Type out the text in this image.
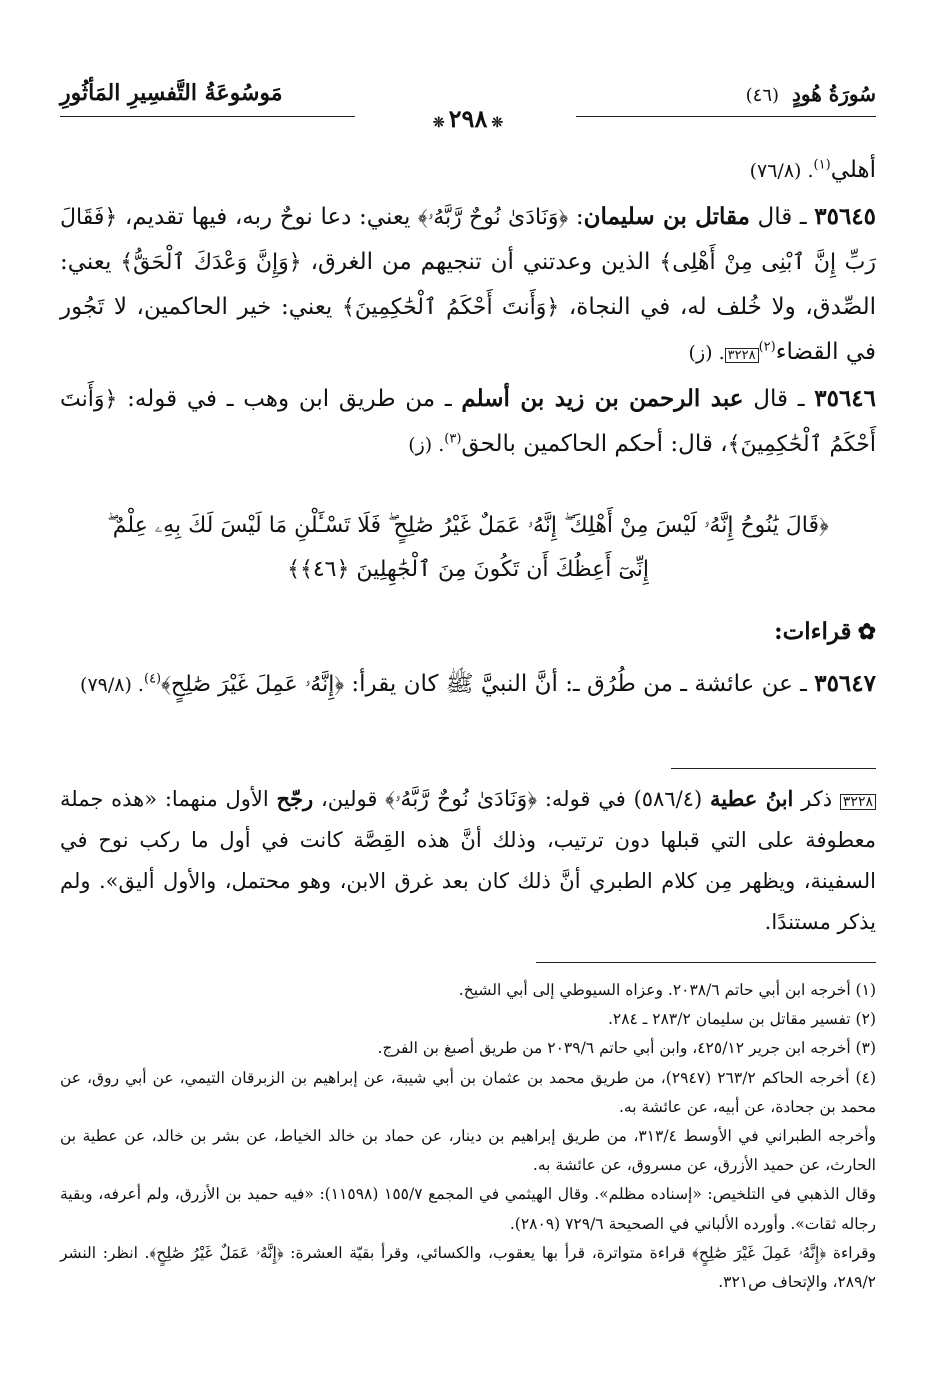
سُورَةُ هُودٍ (٤٦)
مَوسُوعَةُ التَّفسِيرِ المَأثُورِ
❊٢٩٨❊

أهلي$^{(١)}$. (٧٦/٨)

٣٥٦٤٥ ـ قال مقاتل بن سليمان: ﴿وَنَادَىٰ نُوحٌ رَّبَّهُۥ﴾ يعني: دعا نوحٌ ربه، فيها تقديم، ﴿فَقَالَ رَبِّ إِنَّ ٱبْنِى مِنْ أَهْلِى﴾ الذين وعدتني أن تنجيهم من الغرق، ﴿وَإِنَّ وَعْدَكَ ٱلْحَقُّ﴾ يعني: الصِّدق، ولا خُلف له، في النجاة، ﴿وَأَنتَ أَحْكَمُ ٱلْحَٰكِمِينَ﴾ يعني: خير الحاكمين، لا تَجُور في القضاء$^{(٢)}$٣٢٢٨. (ز)

٣٥٦٤٦ ـ قال عبد الرحمن بن زيد بن أسلم ـ من طريق ابن وهب ـ في قوله: ﴿وَأَنتَ أَحْكَمُ ٱلْحَٰكِمِينَ﴾، قال: أحكم الحاكمين بالحق$^{(٣)}$. (ز)

﴿قَالَ يَٰنُوحُ إِنَّهُۥ لَيْسَ مِنْ أَهْلِكَ ۖ إِنَّهُۥ عَمَلٌ غَيْرُ صَٰلِحٍ ۖ فَلَا تَسْـَٔلْنِ مَا لَيْسَ لَكَ بِهِۦ عِلْمٌ ۖ
إِنِّىٓ أَعِظُكَ أَن تَكُونَ مِنَ ٱلْجَٰهِلِينَ ﴿٤٦﴾﴾
✿قراءات:
٣٥٦٤٧ ـ عن عائشة ـ من طُرُق ـ: أنَّ النبيَّ ﷺ كان يقرأ: ﴿إِنَّهُۥ عَمِلَ غَيْرَ صَٰلِحٍ﴾$^{(٤)}$. (٧٩/٨)
٣٢٢٨ ذكر ابنُ عطية (٥٨٦/٤) في قوله: ﴿وَنَادَىٰ نُوحٌ رَّبَّهُۥ﴾ قولين، رجّح الأول منهما: «هذه جملة معطوفة على التي قبلها دون ترتيب، وذلك أنَّ هذه القِصَّة كانت في أول ما ركب نوح في السفينة، ويظهر مِن كلام الطبري أنَّ ذلك كان بعد غرق الابن، وهو محتمل، والأول أليق». ولم يذكر مستندًا.

(١) أخرجه ابن أبي حاتم ٢٠٣٨/٦. وعزاه السيوطي إلى أبي الشيخ.

(٢) تفسير مقاتل بن سليمان ٢٨٣/٢ ـ ٢٨٤.

(٣) أخرجه ابن جرير ٤٢٥/١٢، وابن أبي حاتم ٢٠٣٩/٦ من طريق أصبغ بن الفرج.

(٤) أخرجه الحاكم ٢٦٣/٢ (٢٩٤٧)، من طريق محمد بن عثمان بن أبي شيبة، عن إبراهيم بن الزبرقان التيمي، عن أبي روق، عن محمد بن جحادة، عن أبيه، عن عائشة به.

وأخرجه الطبراني في الأوسط ٣١٣/٤، من طريق إبراهيم بن دينار، عن حماد بن خالد الخياط، عن بشر بن خالد، عن عطية بن الحارث، عن حميد الأزرق، عن مسروق، عن عائشة به.

وقال الذهبي في التلخيص: «إسناده مظلم». وقال الهيثمي في المجمع ١٥٥/٧ (١١٥٩٨): «فيه حميد بن الأزرق، ولم أعرفه، وبقية رجاله ثقات». وأورده الألباني في الصحيحة ٧٢٩/٦ (٢٨٠٩).

وقراءة ﴿إِنَّهُۥ عَمِلَ غَيْرَ صَٰلِحٍ﴾ قراءة متواترة، قرأ بها يعقوب، والكسائي، وقرأ بقيّة العشرة: ﴿إِنَّهُۥ عَمَلٌ غَيْرُ صَٰلِحٍ﴾. انظر: النشر ٢٨٩/٢، والإتحاف ص٣٢١.
